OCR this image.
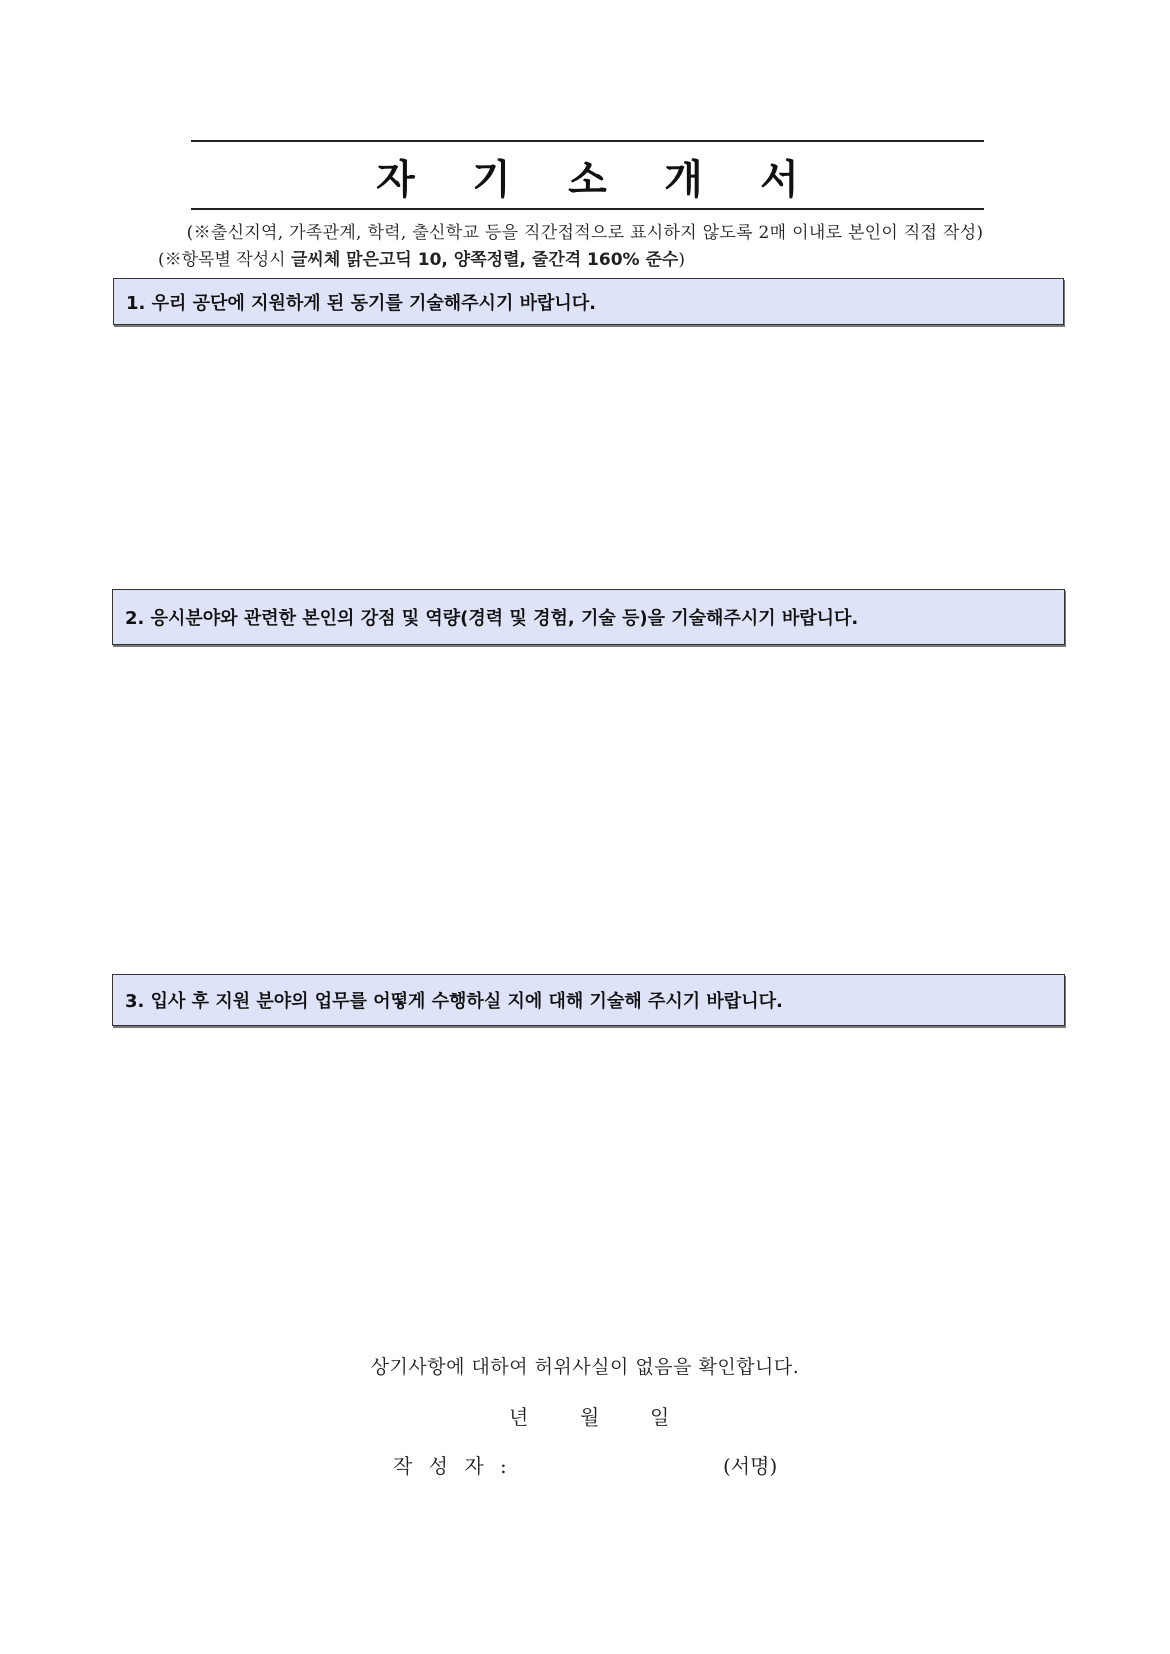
자	기	소	개	서
(※출신지역, 가족관계, 학력, 출신학교 등을 직간접적으로 표시하지 않도록 2매 이내로 본인이 직접 작성)
(※항목별 작성시 글씨체 맑은고딕 10, 양쪽정렬, 줄간격 160% 준수)
1. 우리 공단에 지원하게 된 동기를 기술해주시기 바랍니다.
2. 응시분야와 관련한 본인의 강점 및 역량(경력 및 경험, 기술 등)을 기술해주시기 바랍니다.
3. 입사 후 지원 분야의 업무를 어떻게 수행하실 지에 대해 기술해 주시기 바랍니다.
상기사항에 대하여 허위사실이 없음을 확인합니다.
년	월	일
작 성 자 :	(서명)
